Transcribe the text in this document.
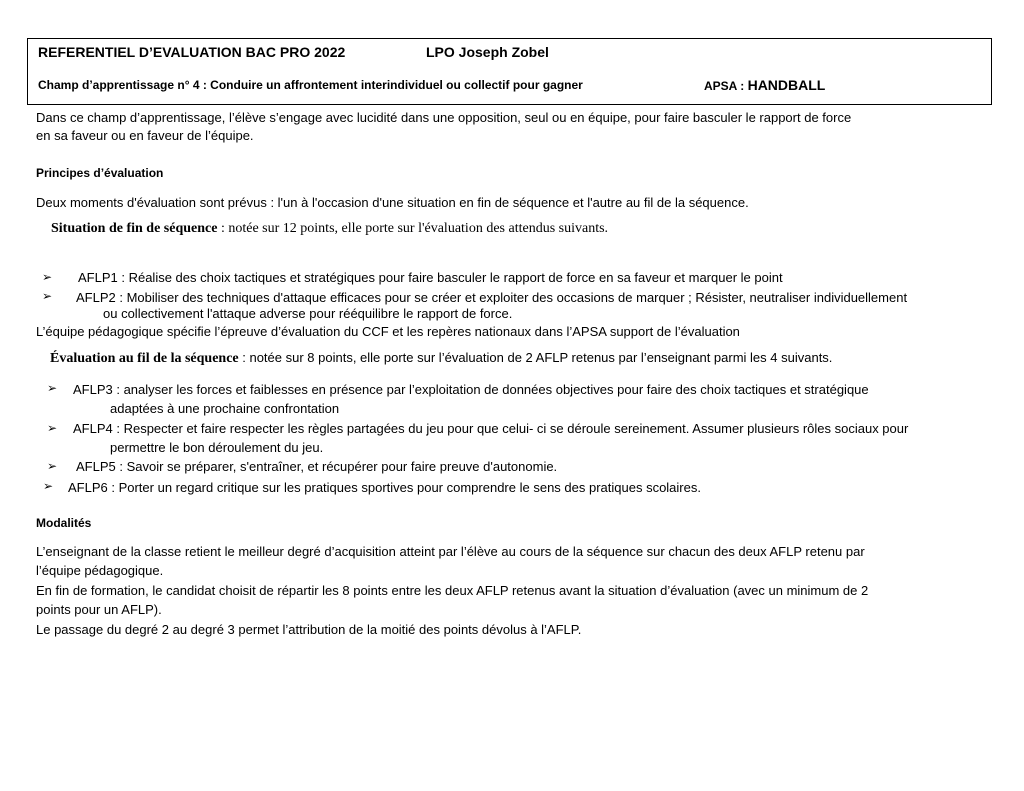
REFERENTIEL D’EVALUATION BAC PRO 2022	LPO Joseph Zobel
Champ d’apprentissage n° 4 : Conduire un affrontement interindividuel ou collectif pour gagner	APSA : HANDBALL
Dans ce champ d’apprentissage, l’élève s’engage avec lucidité dans une opposition, seul ou en équipe, pour faire basculer le rapport de force
en sa faveur ou en faveur de l’équipe.
Principes d’évaluation
Deux moments d'évaluation sont prévus : l'un à l'occasion d'une situation en fin de séquence et l'autre au fil de la séquence.
Situation de fin de séquence : notée sur 12 points, elle porte sur l'évaluation des attendus suivants.
➢ AFLP1 : Réalise des choix tactiques et stratégiques pour faire basculer le rapport de force en sa faveur et marquer le point
➢ AFLP2 : Mobiliser des techniques d'attaque efficaces pour se créer et exploiter des occasions de marquer ; Résister, neutraliser individuellement
ou collectivement l'attaque adverse pour rééquilibre le rapport de force.
L’équipe pédagogique spécifie l’épreuve d’évaluation du CCF et les repères nationaux dans l’APSA support de l’évaluation
Évaluation au fil de la séquence : notée sur 8 points, elle porte sur l’évaluation de 2 AFLP retenus par l’enseignant parmi les 4 suivants.
➢ AFLP3 : analyser les forces et faiblesses en présence par l’exploitation de données objectives pour faire des choix tactiques et stratégique
adaptées à une prochaine confrontation
➢ AFLP4 : Respecter et faire respecter les règles partagées du jeu pour que celui- ci se déroule sereinement. Assumer plusieurs rôles sociaux pour
permettre le bon déroulement du jeu.
➢ AFLP5 : Savoir se préparer, s'entraîner, et récupérer pour faire preuve d'autonomie.
➢ AFLP6 : Porter un regard critique sur les pratiques sportives pour comprendre le sens des pratiques scolaires.
Modalités
L’enseignant de la classe retient le meilleur degré d’acquisition atteint par l’élève au cours de la séquence sur chacun des deux AFLP retenu par
l’équipe pédagogique.
En fin de formation, le candidat choisit de répartir les 8 points entre les deux AFLP retenus avant la situation d’évaluation (avec un minimum de 2
points pour un AFLP).
Le passage du degré 2 au degré 3 permet l’attribution de la moitié des points dévolus à l’AFLP.
